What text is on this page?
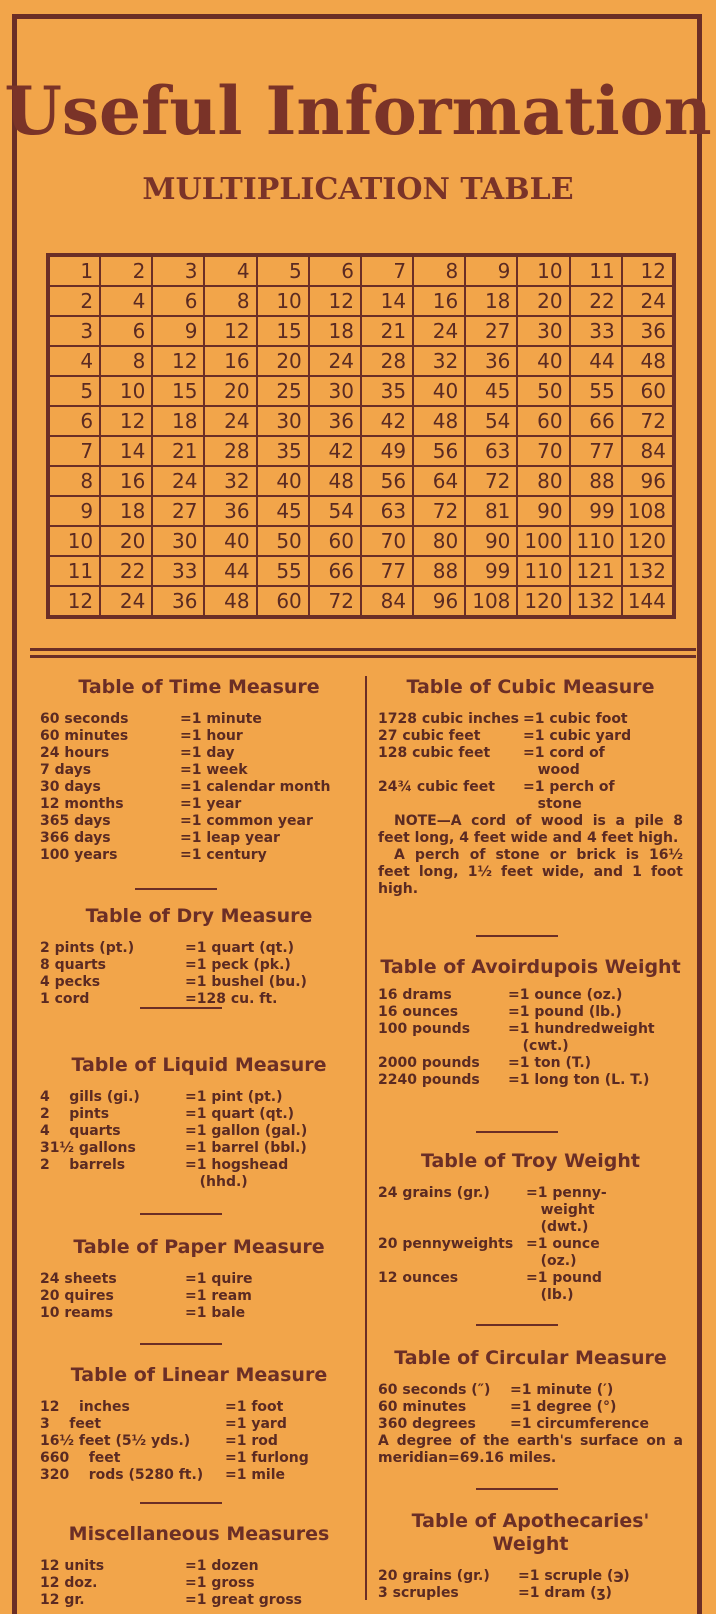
Useful Information
MULTIPLICATION TABLE
1	2	3	4	5	6	7	8	9	10	11	12
2	4	6	8	10	12	14	16	18	20	22	24
3	6	9	12	15	18	21	24	27	30	33	36
4	8	12	16	20	24	28	32	36	40	44	48
5	10	15	20	25	30	35	40	45	50	55	60
6	12	18	24	30	36	42	48	54	60	66	72
7	14	21	28	35	42	49	56	63	70	77	84
8	16	24	32	40	48	56	64	72	80	88	96
9	18	27	36	45	54	63	72	81	90	99	108
10	20	30	40	50	60	70	80	90	100	110	120
11	22	33	44	55	66	77	88	99	110	121	132
12	24	36	48	60	72	84	96	108	120	132	144
Table of Time Measure
60 seconds	=1 minute
60 minutes	=1 hour
24 hours	=1 day
7 days	=1 week
30 days	=1 calendar month
12 months	=1 year
365 days	=1 common year
366 days	=1 leap year
100 years	=1 century
Table of Dry Measure
2 pints (pt.)	=1 quart (qt.)
8 quarts	=1 peck (pk.)
4 pecks	=1 bushel (bu.)
1 cord	=128 cu. ft.
Table of Liquid Measure
4    gills (gi.)	=1 pint (pt.)
2    pints	=1 quart (qt.)
4    quarts	=1 gallon (gal.)
31½ gallons	=1 barrel (bbl.)
2    barrels	=1 hogshead
(hhd.)
Table of Paper Measure
24 sheets	=1 quire
20 quires	=1 ream
10 reams	=1 bale
Table of Linear Measure
12    inches	=1 foot
3    feet	=1 yard
16½ feet (5½ yds.)	=1 rod
660    feet	=1 furlong
320    rods (5280 ft.)	=1 mile
Miscellaneous Measures
12 units	=1 dozen
12 doz.	=1 gross
12 gr.	=1 great gross
Table of Cubic Measure
1728 cubic inches =1 cubic foot
27 cubic feet	=1 cubic yard
128 cubic feet	=1 cord of
wood
24¾ cubic feet	=1 perch of
stone
NOTE—A cord of wood is a pile 8 feet long, 4 feet wide and 4 feet high.
A perch of stone or brick is 16½ feet long, 1½ feet wide, and 1 foot high.
Table of Avoirdupois Weight
16 drams	=1 ounce (oz.)
16 ounces	=1 pound (lb.)
100 pounds	=1 hundredweight
(cwt.)
2000 pounds	=1 ton (T.)
2240 pounds	=1 long ton (L. T.)
Table of Troy Weight
24 grains (gr.)	=1 penny-
weight
(dwt.)
20 pennyweights =1 ounce
(oz.)
12 ounces	=1 pound
(lb.)
Table of Circular Measure
60 seconds (″)	=1 minute (′)
60 minutes	=1 degree (°)
360 degrees	=1 circumference
A degree of the earth's surface on a meridian=69.16 miles.
Table of Apothecaries' Weight
20 grains (gr.)	=1 scruple (℈)
3 scruples	=1 dram (ʒ)
